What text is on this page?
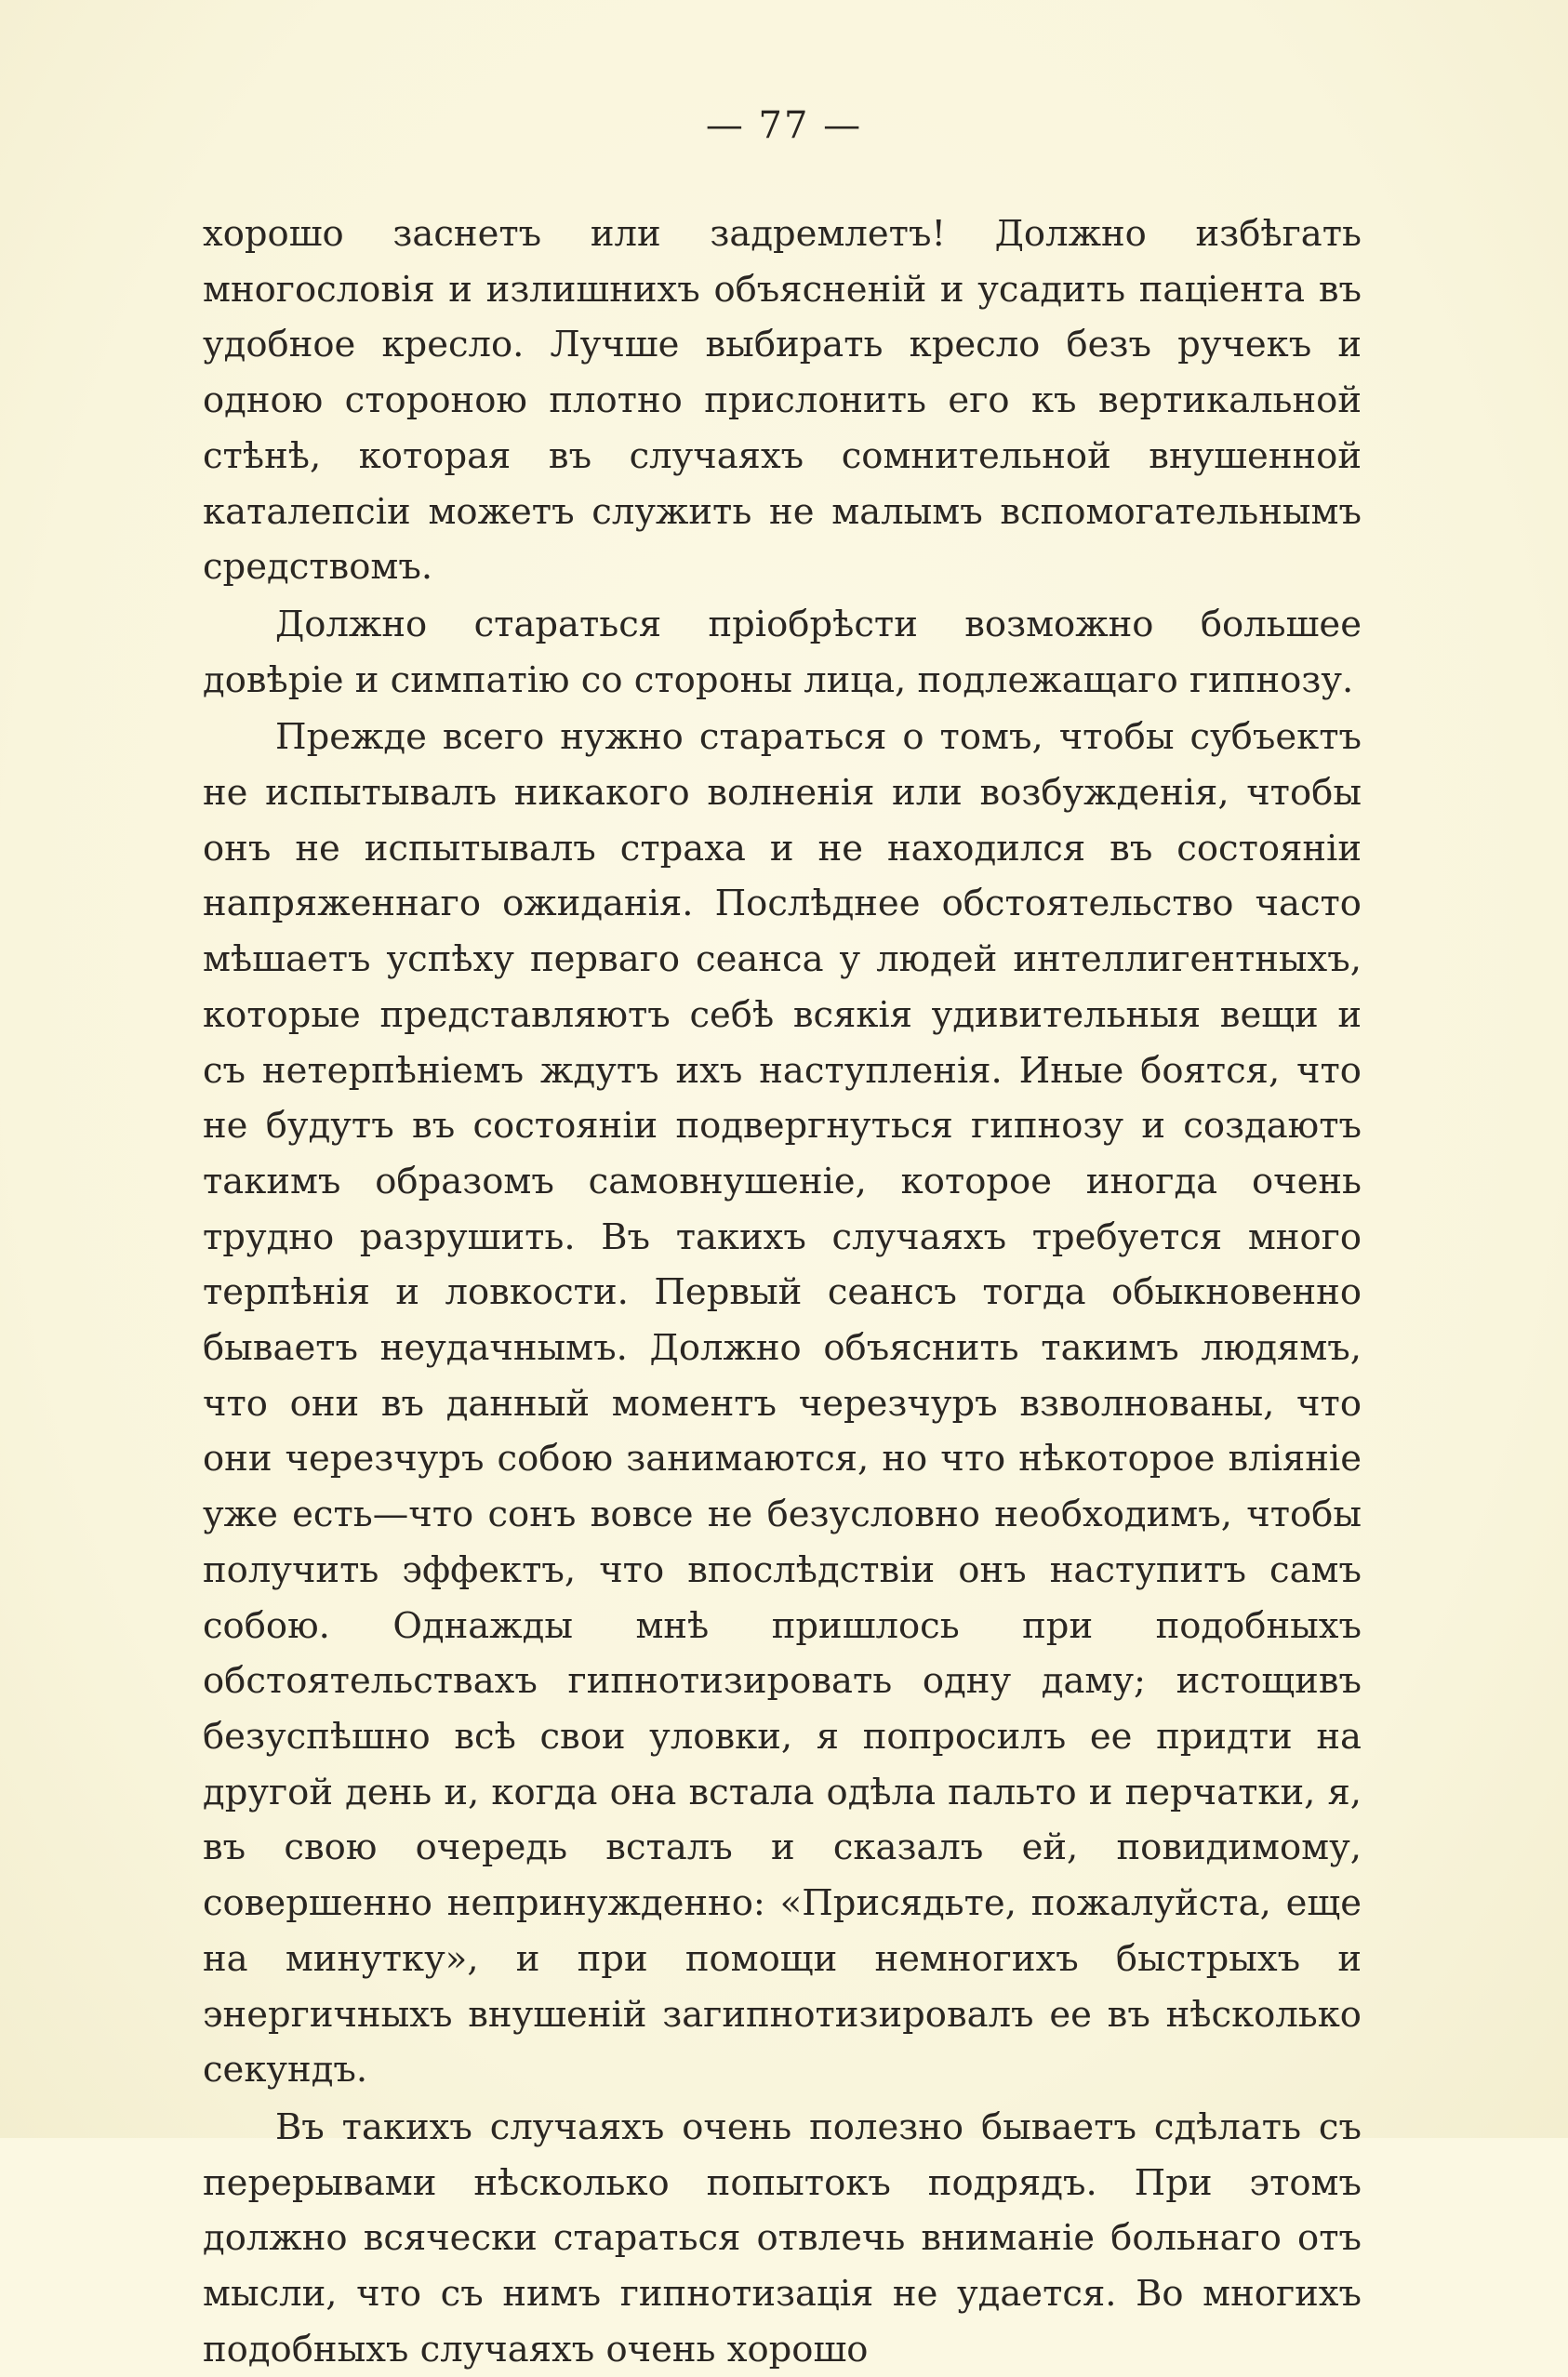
— 77 —

хорошо заснетъ или задремлетъ! Должно избѣгать многословія и излишнихъ объясненій и усадить паціента въ удобное кресло. Лучше выбирать кресло безъ ручекъ и одною стороною плотно прислонить его къ вертикальной стѣнѣ, которая въ случаяхъ сомнительной внушенной каталепсіи можетъ служить не малымъ вспомогательнымъ средствомъ.

Должно стараться пріобрѣсти возможно большее довѣріе и симпатію со стороны лица, подлежащаго гипнозу.

Прежде всего нужно стараться о томъ, чтобы субъектъ не испытывалъ никакого волненія или возбужденія, чтобы онъ не испытывалъ страха и не находился въ состояніи напряженнаго ожиданія. Послѣднее обстоятельство часто мѣшаетъ успѣху перваго сеанса у людей интеллигентныхъ, которые представляютъ себѣ всякія удивительныя вещи и съ нетерпѣніемъ ждутъ ихъ наступленія. Иные боятся, что не будутъ въ состояніи подвергнуться гипнозу и создаютъ такимъ образомъ самовнушеніе, которое иногда очень трудно разрушить. Въ такихъ случаяхъ требуется много терпѣнія и ловкости. Первый сеансъ тогда обыкновенно бываетъ неудачнымъ. Должно объяснить такимъ людямъ, что они въ данный моментъ черезчуръ взволнованы, что они черезчуръ собою занимаются, но что нѣкоторое вліяніе уже есть—что сонъ вовсе не безусловно необходимъ, чтобы получить эффектъ, что впослѣдствіи онъ наступитъ самъ собою. Однажды мнѣ пришлось при подобныхъ обстоятельствахъ гипнотизировать одну даму; истощивъ безуспѣшно всѣ свои уловки, я попросилъ ее придти на другой день и, когда она встала одѣла пальто и перчатки, я, въ свою очередь всталъ и сказалъ ей, повидимому, совершенно непринужденно: «Присядьте, пожалуйста, еще на минутку», и при помощи немногихъ быстрыхъ и энергичныхъ внушеній загипнотизировалъ ее въ нѣсколько секундъ.

Въ такихъ случаяхъ очень полезно бываетъ сдѣлать съ перерывами нѣсколько попытокъ подрядъ. При этомъ должно всячески стараться отвлечь вниманіе больнаго отъ мысли, что съ нимъ гипнотизація не удается. Во многихъ подобныхъ случаяхъ очень хорошо
